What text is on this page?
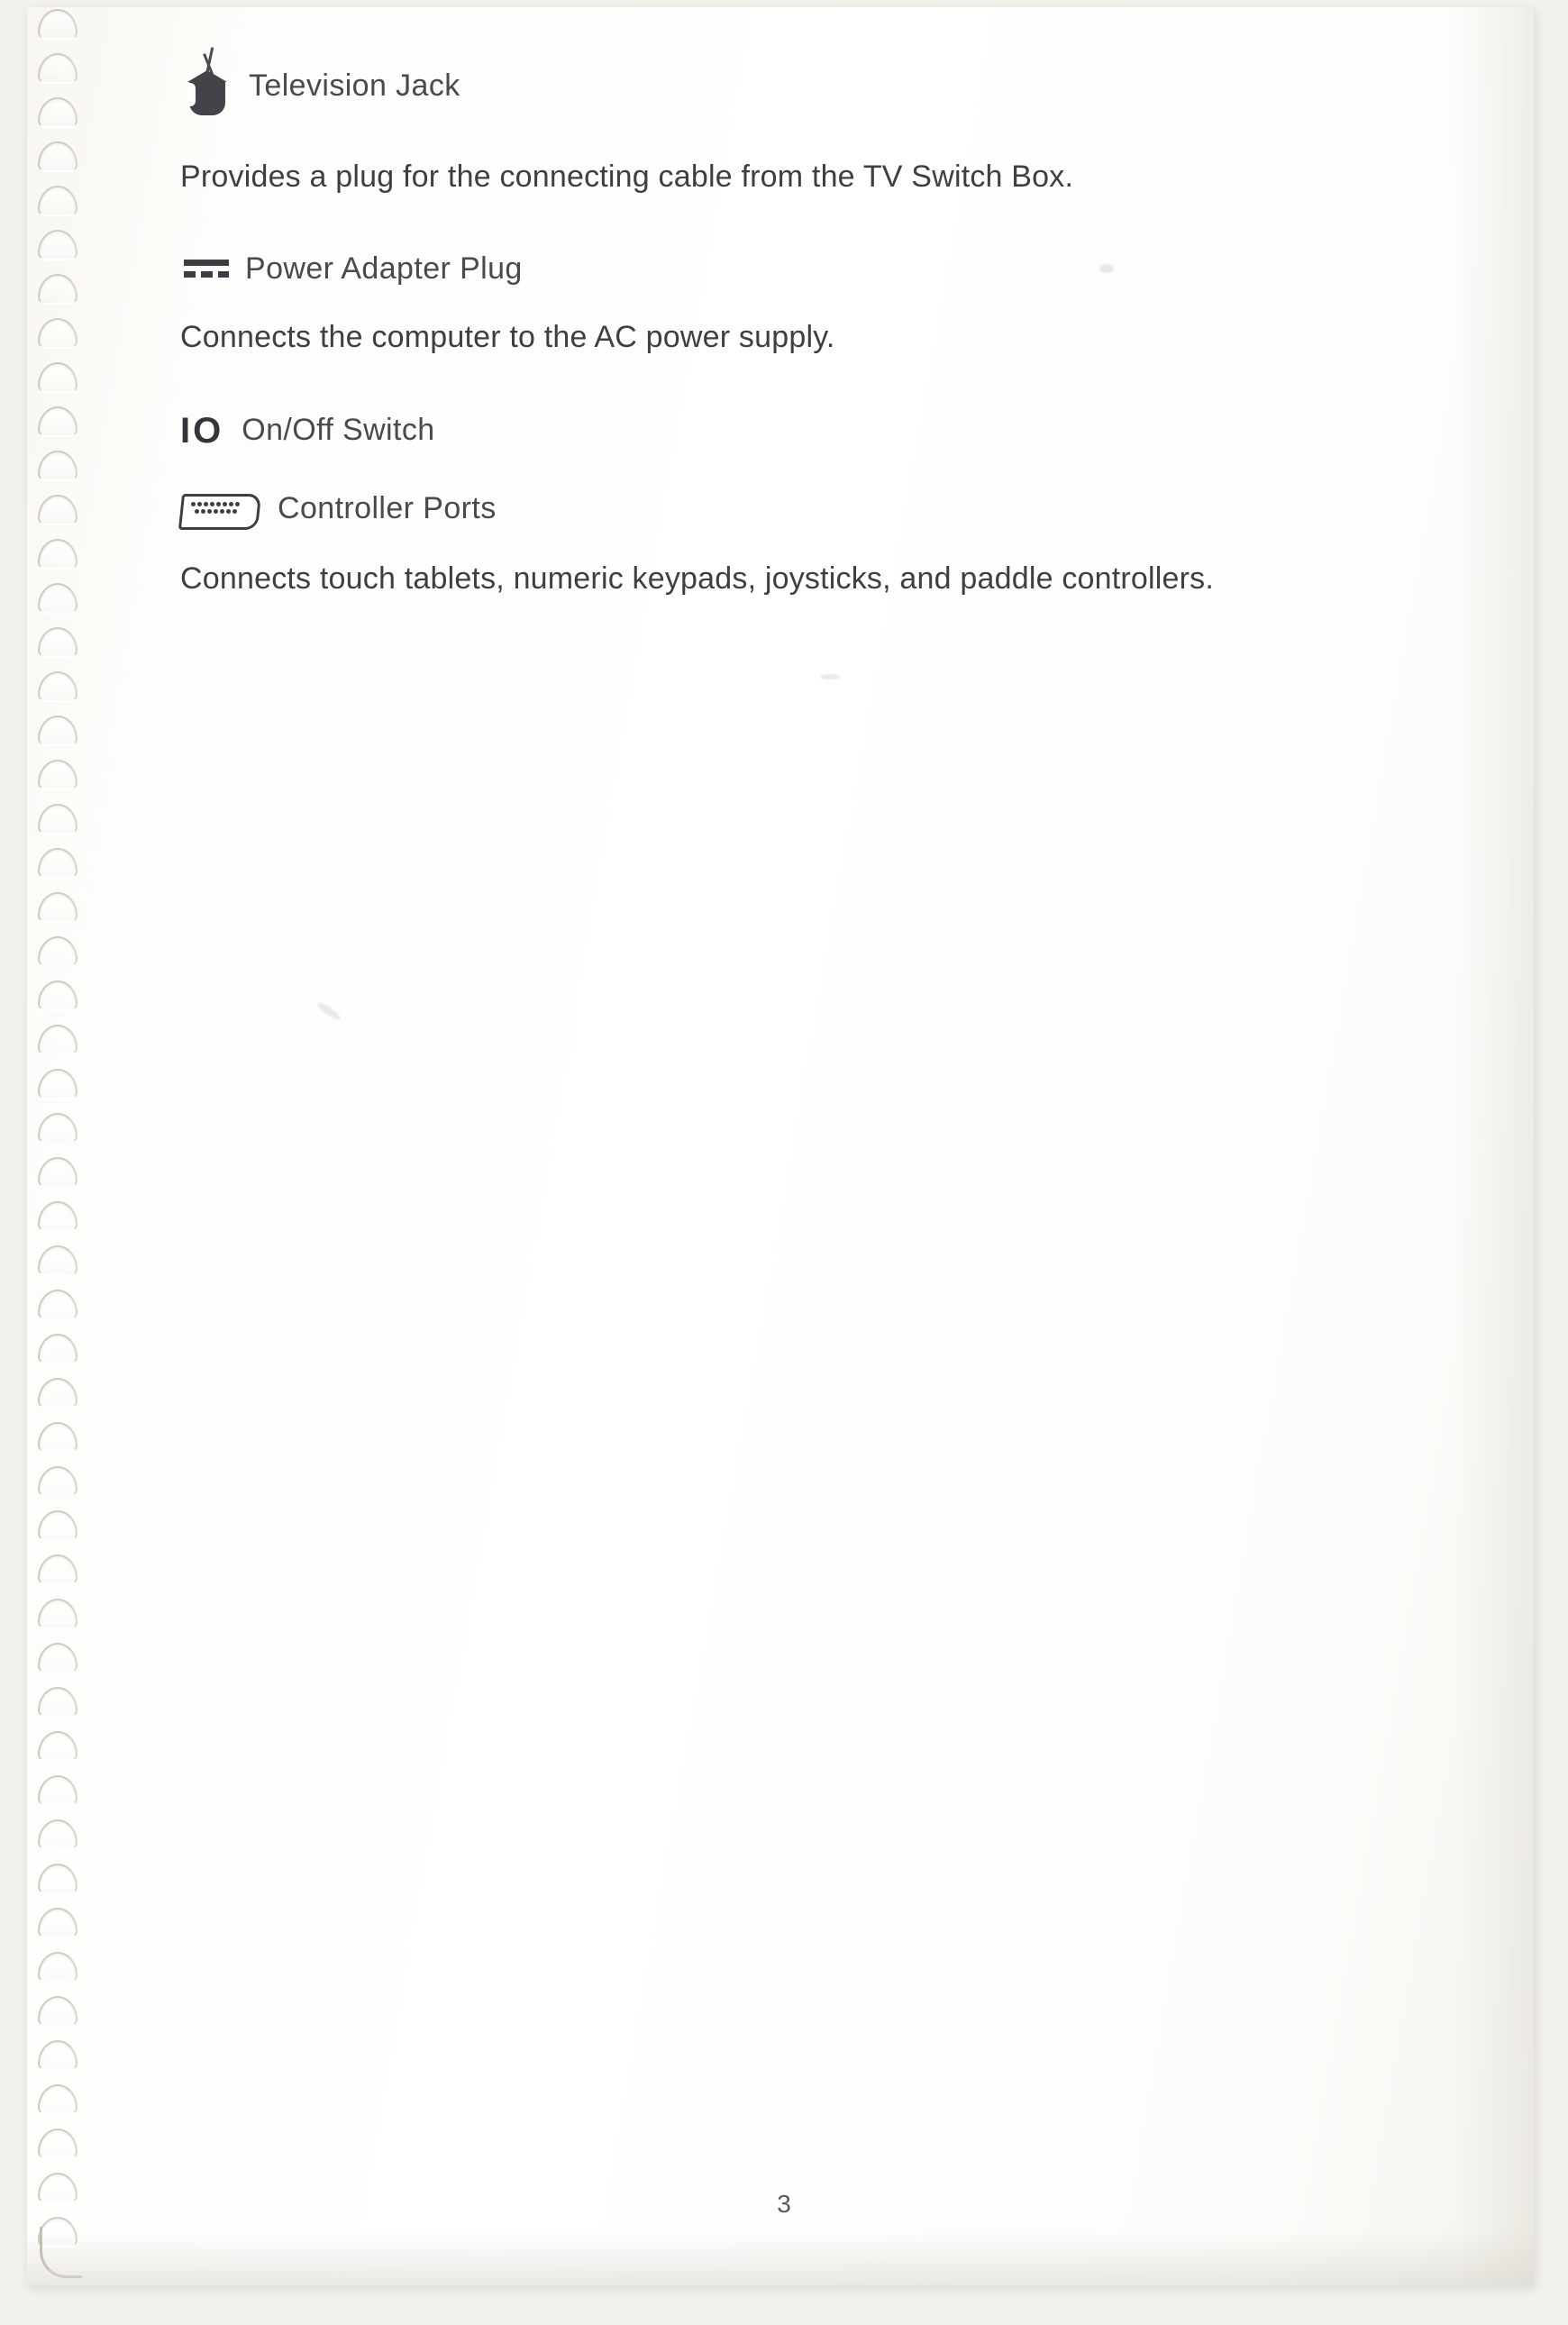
Television Jack

Provides a plug for the connecting cable from the TV Switch Box.

Power Adapter Plug

Connects the computer to the AC power supply.

IO On/Off Switch
Controller Ports

Connects touch tablets, numeric keypads, joysticks, and paddle controllers.

3
